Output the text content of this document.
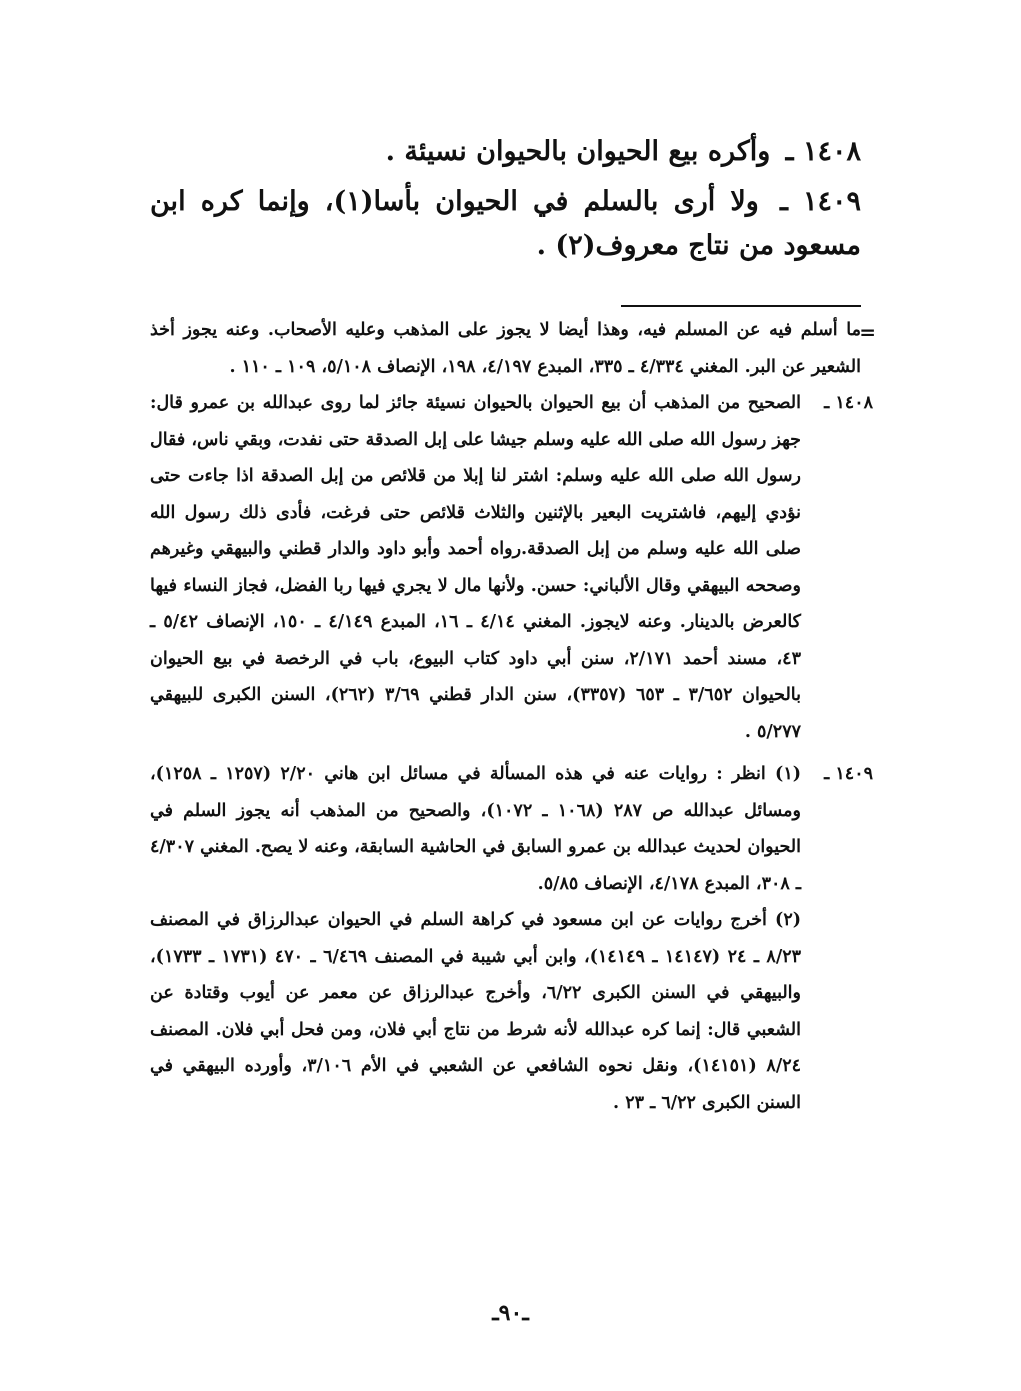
١٤٠٨ ـ وأكره بيع الحيوان بالحيوان نسيئة .

١٤٠٩ ـ ولا أرى بالسلم في الحيوان بأسا(١)، وإنما كره ابن مسعود من نتاج معروف(٢) .

=
ما أسلم فيه عن المسلم فيه، وهذا أيضا لا يجوز على المذهب وعليه الأصحاب. وعنه يجوز أخذ الشعير عن البر. المغني ٤/٣٣٤ ـ ٣٣٥، المبدع ٤/١٩٧، ١٩٨، الإنصاف ٥/١٠٨، ١٠٩ ـ ١١٠ .

١٤٠٨ ـ
الصحيح من المذهب أن بيع الحيوان بالحيوان نسيئة جائز لما روى عبدالله بن عمرو قال: جهز رسول الله صلى الله عليه وسلم جيشا على إبل الصدقة حتى نفدت، وبقي ناس، فقال رسول الله صلى الله عليه وسلم: اشتر لنا إبلا من قلائص من إبل الصدقة اذا جاءت حتى نؤدي إليهم، فاشتريت البعير بالإثنين والثلاث قلائص حتى فرغت، فأدى ذلك رسول الله صلى الله عليه وسلم من إبل الصدقة.رواه أحمد وأبو داود والدار قطني والبيهقي وغيرهم وصححه البيهقي وقال الألباني: حسن. ولأنها مال لا يجري فيها ربا الفضل، فجاز النساء فيها كالعرض بالدينار. وعنه لايجوز. المغني ٤/١٤ ـ ١٦، المبدع ٤/١٤٩ ـ ١٥٠، الإنصاف ٥/٤٢ ـ ٤٣، مسند أحمد ٢/١٧١، سنن أبي داود كتاب البيوع، باب في الرخصة في بيع الحيوان بالحيوان ٣/٦٥٢ ـ ٦٥٣ (٣٣٥٧)، سنن الدار قطني ٣/٦٩ (٢٦٢)، السنن الكبرى للبيهقي ٥/٢٧٧ .

١٤٠٩ ـ
(١) انظر : روايات عنه في هذه المسألة في مسائل ابن هاني ٢/٢٠ (١٢٥٧ ـ ١٢٥٨)، ومسائل عبدالله ص ٢٨٧ (١٠٦٨ ـ ١٠٧٢)، والصحيح من المذهب أنه يجوز السلم في الحيوان لحديث عبدالله بن عمرو السابق في الحاشية السابقة، وعنه لا يصح. المغني ٤/٣٠٧ ـ ٣٠٨، المبدع ٤/١٧٨، الإنصاف ٥/٨٥.

(٢) أخرج روايات عن ابن مسعود في كراهة السلم في الحيوان عبدالرزاق في المصنف ٨/٢٣ ـ ٢٤ (١٤١٤٧ ـ ١٤١٤٩)، وابن أبي شيبة في المصنف ٦/٤٦٩ ـ ٤٧٠ (١٧٣١ ـ ١٧٣٣)، والبيهقي في السنن الكبرى ٦/٢٢، وأخرج عبدالرزاق عن معمر عن أيوب وقتادة عن الشعبي قال: إنما كره عبدالله لأنه شرط من نتاج أبي فلان، ومن فحل أبي فلان. المصنف ٨/٢٤ (١٤١٥١)، ونقل نحوه الشافعي عن الشعبي في الأم ٣/١٠٦، وأورده البيهقي في السنن الكبرى ٦/٢٢ ـ ٢٣ .

ـ٩٠ـ
